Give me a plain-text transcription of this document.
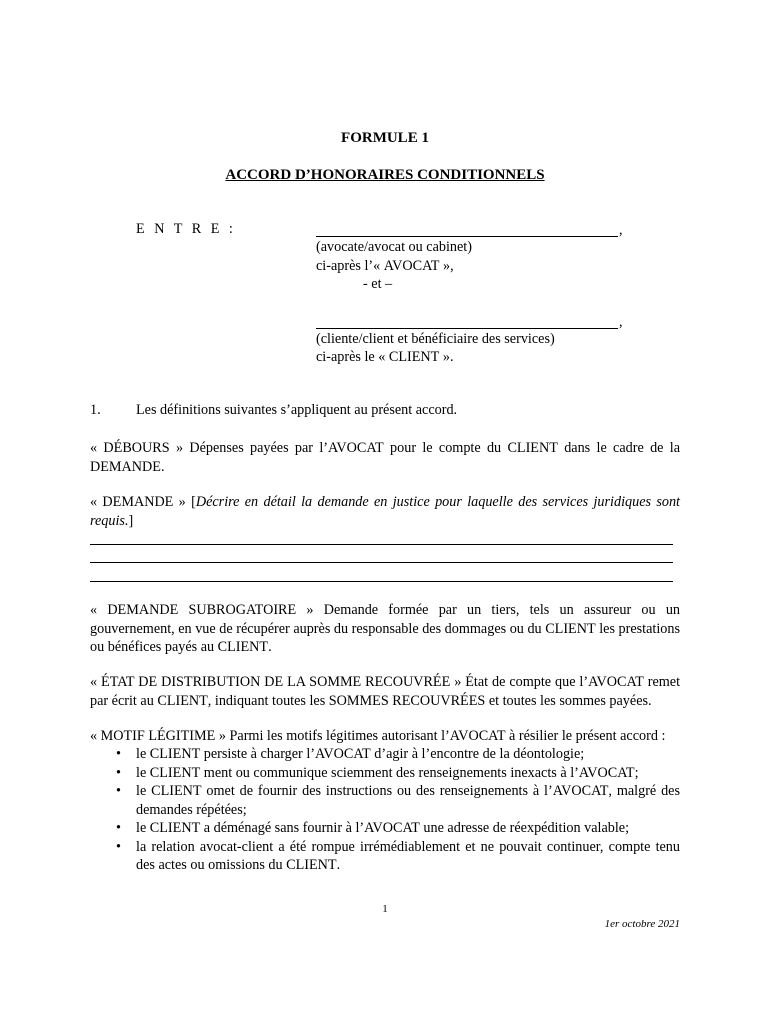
FORMULE 1
ACCORD D’HONORAIRES CONDITIONNELS
E N T R E :	,
(avocate/avocat ou cabinet)
ci-après l’« AVOCAT »,
- et –
,
(cliente/client et bénéficiaire des services)
ci-après le « CLIENT ».
1. Les définitions suivantes s’appliquent au présent accord.
« DÉBOURS » Dépenses payées par l’AVOCAT pour le compte du CLIENT dans le cadre de la DEMANDE.
« DEMANDE » [Décrire en détail la demande en justice pour laquelle des services juridiques sont requis.]
« DEMANDE SUBROGATOIRE » Demande formée par un tiers, tels un assureur ou un gouvernement, en vue de récupérer auprès du responsable des dommages ou du CLIENT les prestations ou bénéfices payés au CLIENT.
« ÉTAT DE DISTRIBUTION DE LA SOMME RECOUVRÉE » État de compte que l’AVOCAT remet par écrit au CLIENT, indiquant toutes les SOMMES RECOUVRÉES et toutes les sommes payées.
« MOTIF LÉGITIME » Parmi les motifs légitimes autorisant l’AVOCAT à résilier le présent accord :
• le CLIENT persiste à charger l’AVOCAT d’agir à l’encontre de la déontologie;
• le CLIENT ment ou communique sciemment des renseignements inexacts à l’AVOCAT;
• le CLIENT omet de fournir des instructions ou des renseignements à l’AVOCAT, malgré des demandes répétées;
• le CLIENT a déménagé sans fournir à l’AVOCAT une adresse de réexpédition valable;
• la relation avocat-client a été rompue irrémédiablement et ne pouvait continuer, compte tenu des actes ou omissions du CLIENT.
1
1er octobre 2021
